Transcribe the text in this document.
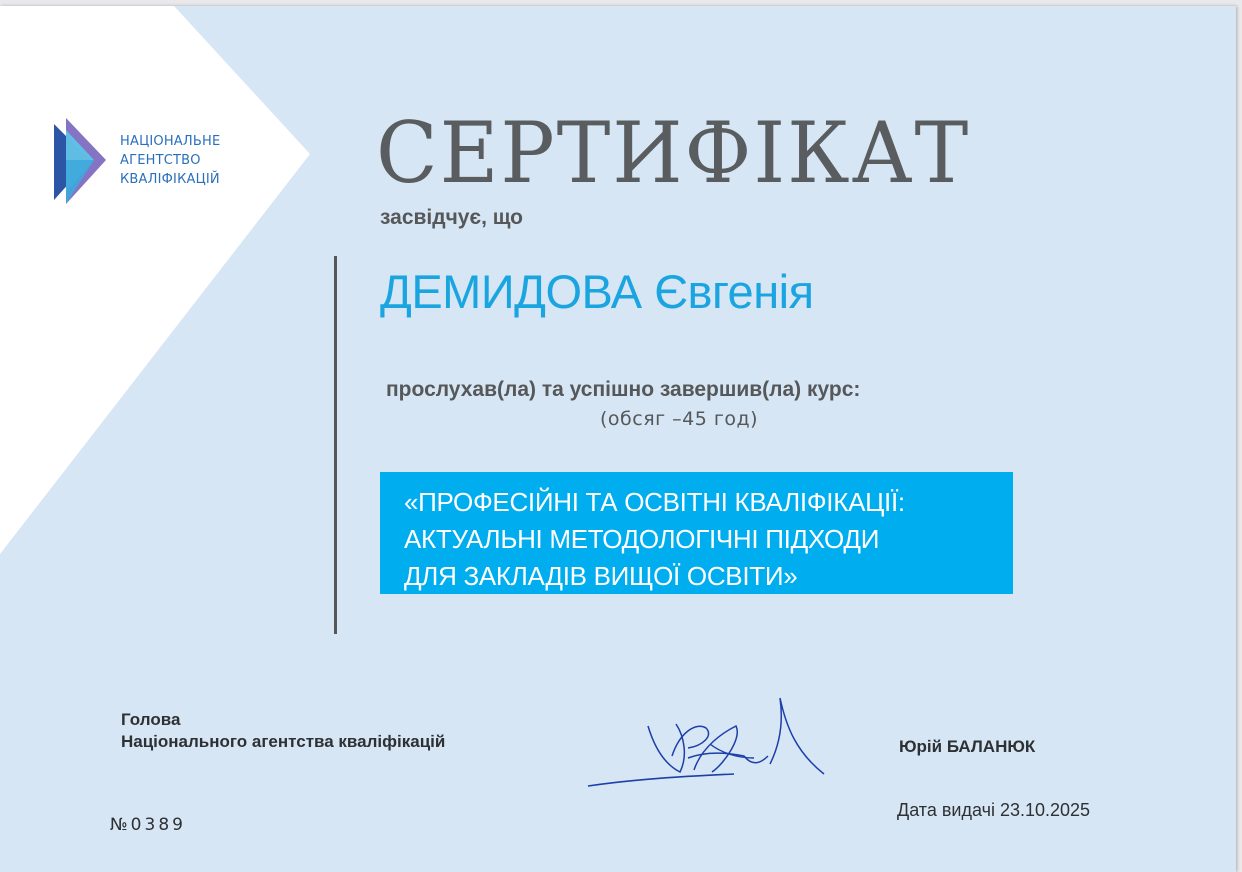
НАЦІОНАЛЬНЕ
АГЕНТСТВО
КВАЛІФІКАЦІЙ СЕРТИФІКАТ
засвідчує, що
ДЕМИДОВА Євгенія
прослухав(ла) та успішно завершив(ла) курс:
(обсяг –45 год)
«ПРОФЕСІЙНІ ТА ОСВІТНІ КВАЛІФІКАЦІЇ:
АКТУАЛЬНІ МЕТОДОЛОГІЧНІ ПІДХОДИ
ДЛЯ ЗАКЛАДІВ ВИЩОЇ ОСВІТИ»
Голова
Національного агентства кваліфікацій	Юрій БАЛАНЮК
Дата видачі 23.10.2025
№0389
